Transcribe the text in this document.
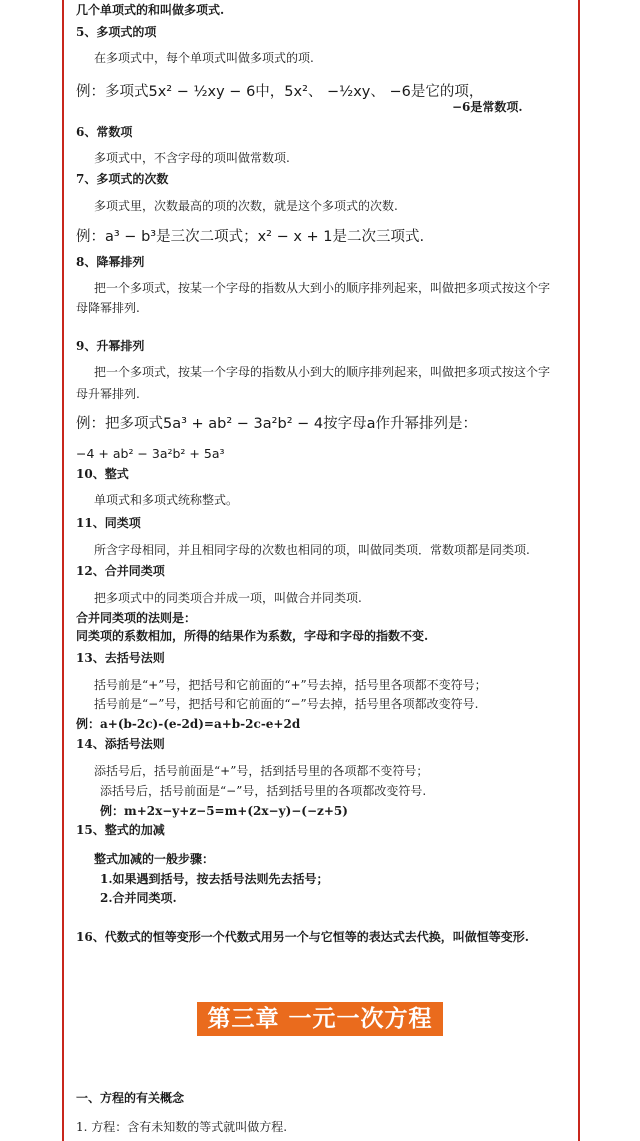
几个单项式的和叫做多项式.
5、多项式的项
在多项式中，每个单项式叫做多项式的项.
例：多项式5x² − ½xy − 6中，5x²、 −½xy、 −6是它的项，
−6是常数项.
6、常数项
多项式中，不含字母的项叫做常数项.
7、多项式的次数
多项式里，次数最高的项的次数，就是这个多项式的次数.
例：a³ − b³是三次二项式；x² − x + 1是二次三项式.
8、降幂排列
把一个多项式，按某一个字母的指数从大到小的顺序排列起来，叫做把多项式按这个字
母降幂排列.
9、升幂排列
把一个多项式，按某一个字母的指数从小到大的顺序排列起来，叫做把多项式按这个字
母升幂排列.
例：把多项式5a³ + ab² − 3a²b² − 4按字母a作升幂排列是：
−4 + ab² − 3a²b² + 5a³
10、整式
单项式和多项式统称整式。
11、同类项
所含字母相同，并且相同字母的次数也相同的项，叫做同类项．常数项都是同类项.
12、合并同类项
把多项式中的同类项合并成一项，叫做合并同类项.
合并同类项的法则是：
同类项的系数相加，所得的结果作为系数，字母和字母的指数不变.
13、去括号法则
括号前是“+”号，把括号和它前面的“+”号去掉，括号里各项都不变符号；
括号前是“−”号，把括号和它前面的“−”号去掉，括号里各项都改变符号.
例：a+(b-2c)-(e-2d)=a+b-2c-e+2d
14、添括号法则
添括号后，括号前面是“+”号，括到括号里的各项都不变符号；
添括号后，括号前面是“−”号，括到括号里的各项都改变符号.
例：m+2x−y+z−5=m+(2x−y)−(−z+5)
15、整式的加减
整式加减的一般步骤：
1.如果遇到括号，按去括号法则先去括号；
2.合并同类项.
16、代数式的恒等变形一个代数式用另一个与它恒等的表达式去代换，叫做恒等变形.
第三章 一元一次方程
一、方程的有关概念
1. 方程：含有未知数的等式就叫做方程.
